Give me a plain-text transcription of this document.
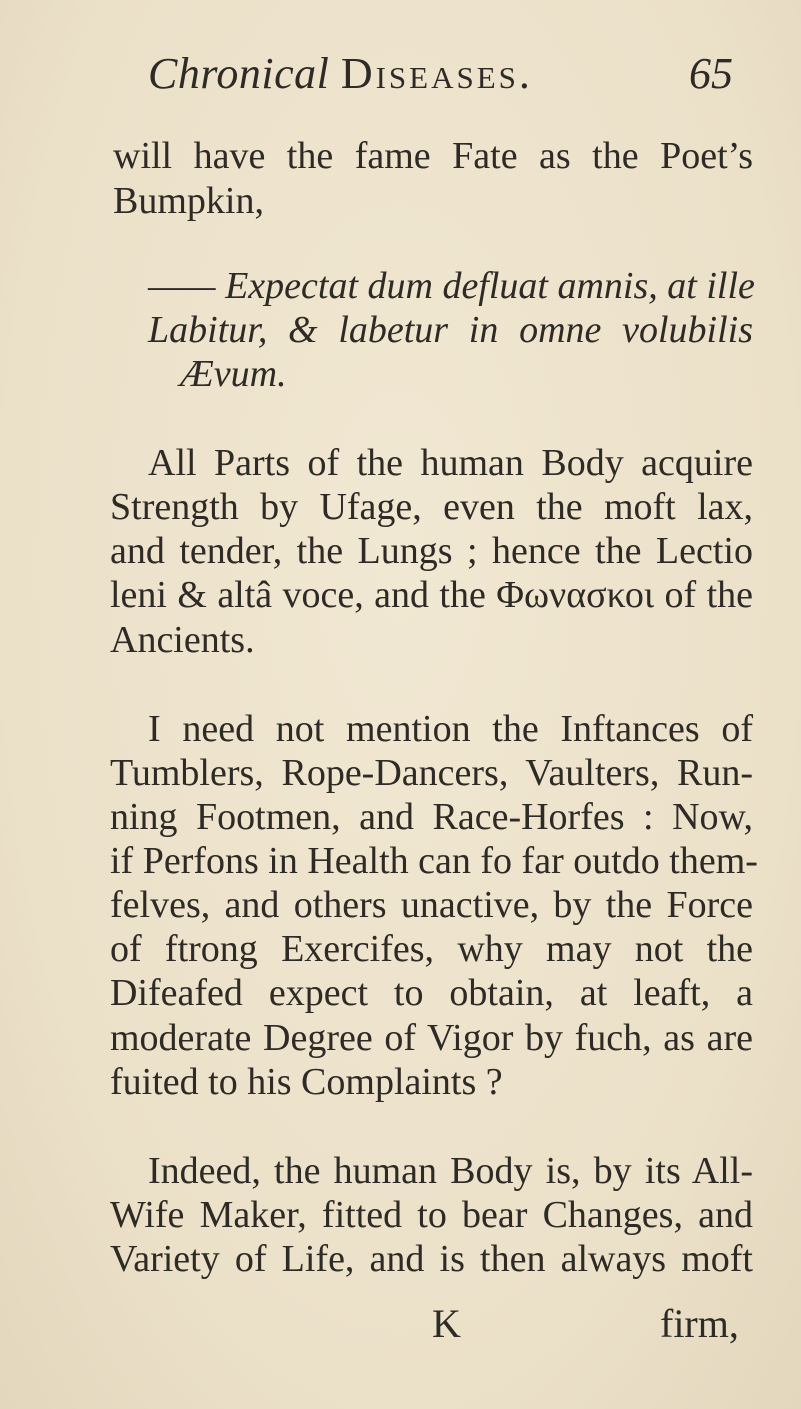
Chronical Diseases.	65
will have the fame Fate as the Poet’s
Bumpkin,
—— Expectat dum defluat amnis, at ille
Labitur, & labetur in omne volubilis
Ævum.
All Parts of the human Body acquire
Strength by Ufage, even the moft lax,
and tender, the Lungs ; hence the Lectio
leni & altâ voce, and the Φωνασκοι of the
Ancients.
I need not mention the Inftances of
Tumblers, Rope-Dancers, Vaulters, Run-
ning Footmen, and Race-Horfes : Now,
if Perfons in Health can fo far outdo them-
felves, and others unactive, by the Force
of ftrong Exercifes, why may not the
Difeafed expect to obtain, at leaft, a
moderate Degree of Vigor by fuch, as are
fuited to his Complaints ?
Indeed, the human Body is, by its All-
Wife Maker, fitted to bear Changes, and
Variety of Life, and is then always moft
K	firm,
